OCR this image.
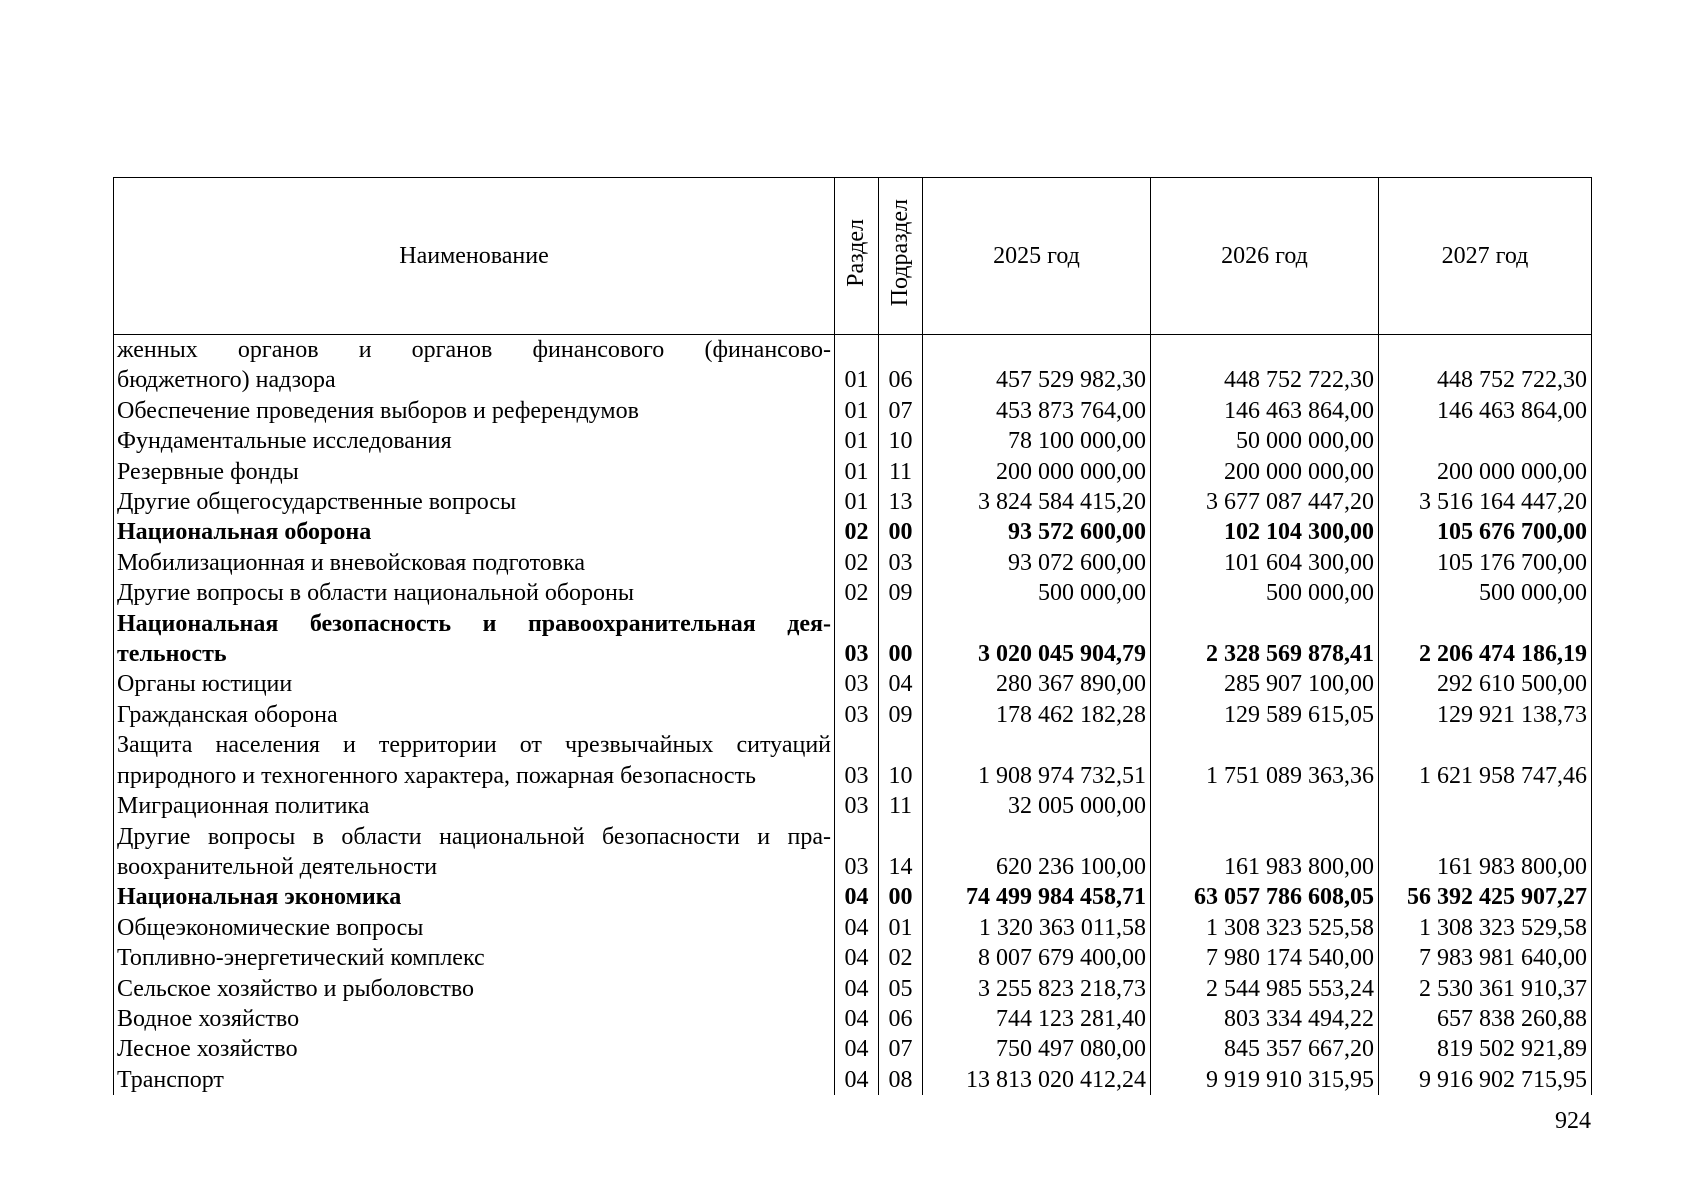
Наименование	Раздел	Подраздел	2025 год	2026 год	2027 год

женных органов и органов финансового (финансово-
бюджетного) надзора	01	06	457 529 982,30	448 752 722,30	448 752 722,30

Обеспечение проведения выборов и референдумов	01	07	453 873 764,00	146 463 864,00	146 463 864,00

Фундаментальные исследования	01	10	78 100 000,00	50 000 000,00	

Резервные фонды	01	11	200 000 000,00	200 000 000,00	200 000 000,00

Другие общегосударственные вопросы	01	13	3 824 584 415,20	3 677 087 447,20	3 516 164 447,20

Национальная оборона	02	00	93 572 600,00	102 104 300,00	105 676 700,00

Мобилизационная и вневойсковая подготовка	02	03	93 072 600,00	101 604 300,00	105 176 700,00

Другие вопросы в области национальной обороны	02	09	500 000,00	500 000,00	500 000,00

Национальная безопасность и правоохранительная дея-
тельность	03	00	3 020 045 904,79	2 328 569 878,41	2 206 474 186,19

Органы юстиции	03	04	280 367 890,00	285 907 100,00	292 610 500,00

Гражданская оборона	03	09	178 462 182,28	129 589 615,05	129 921 138,73

Защита населения и территории от чрезвычайных ситуаций
природного и техногенного характера, пожарная безопасность	03	10	1 908 974 732,51	1 751 089 363,36	1 621 958 747,46

Миграционная политика	03	11	32 005 000,00		

Другие вопросы в области национальной безопасности и пра-
воохранительной деятельности	03	14	620 236 100,00	161 983 800,00	161 983 800,00

Национальная экономика	04	00	74 499 984 458,71	63 057 786 608,05	56 392 425 907,27

Общеэкономические вопросы	04	01	1 320 363 011,58	1 308 323 525,58	1 308 323 529,58

Топливно-энергетический комплекс	04	02	8 007 679 400,00	7 980 174 540,00	7 983 981 640,00

Сельское хозяйство и рыболовство	04	05	3 255 823 218,73	2 544 985 553,24	2 530 361 910,37

Водное хозяйство	04	06	744 123 281,40	803 334 494,22	657 838 260,88

Лесное хозяйство	04	07	750 497 080,00	845 357 667,20	819 502 921,89

Транспорт	04	08	13 813 020 412,24	9 919 910 315,95	9 916 902 715,95
924
